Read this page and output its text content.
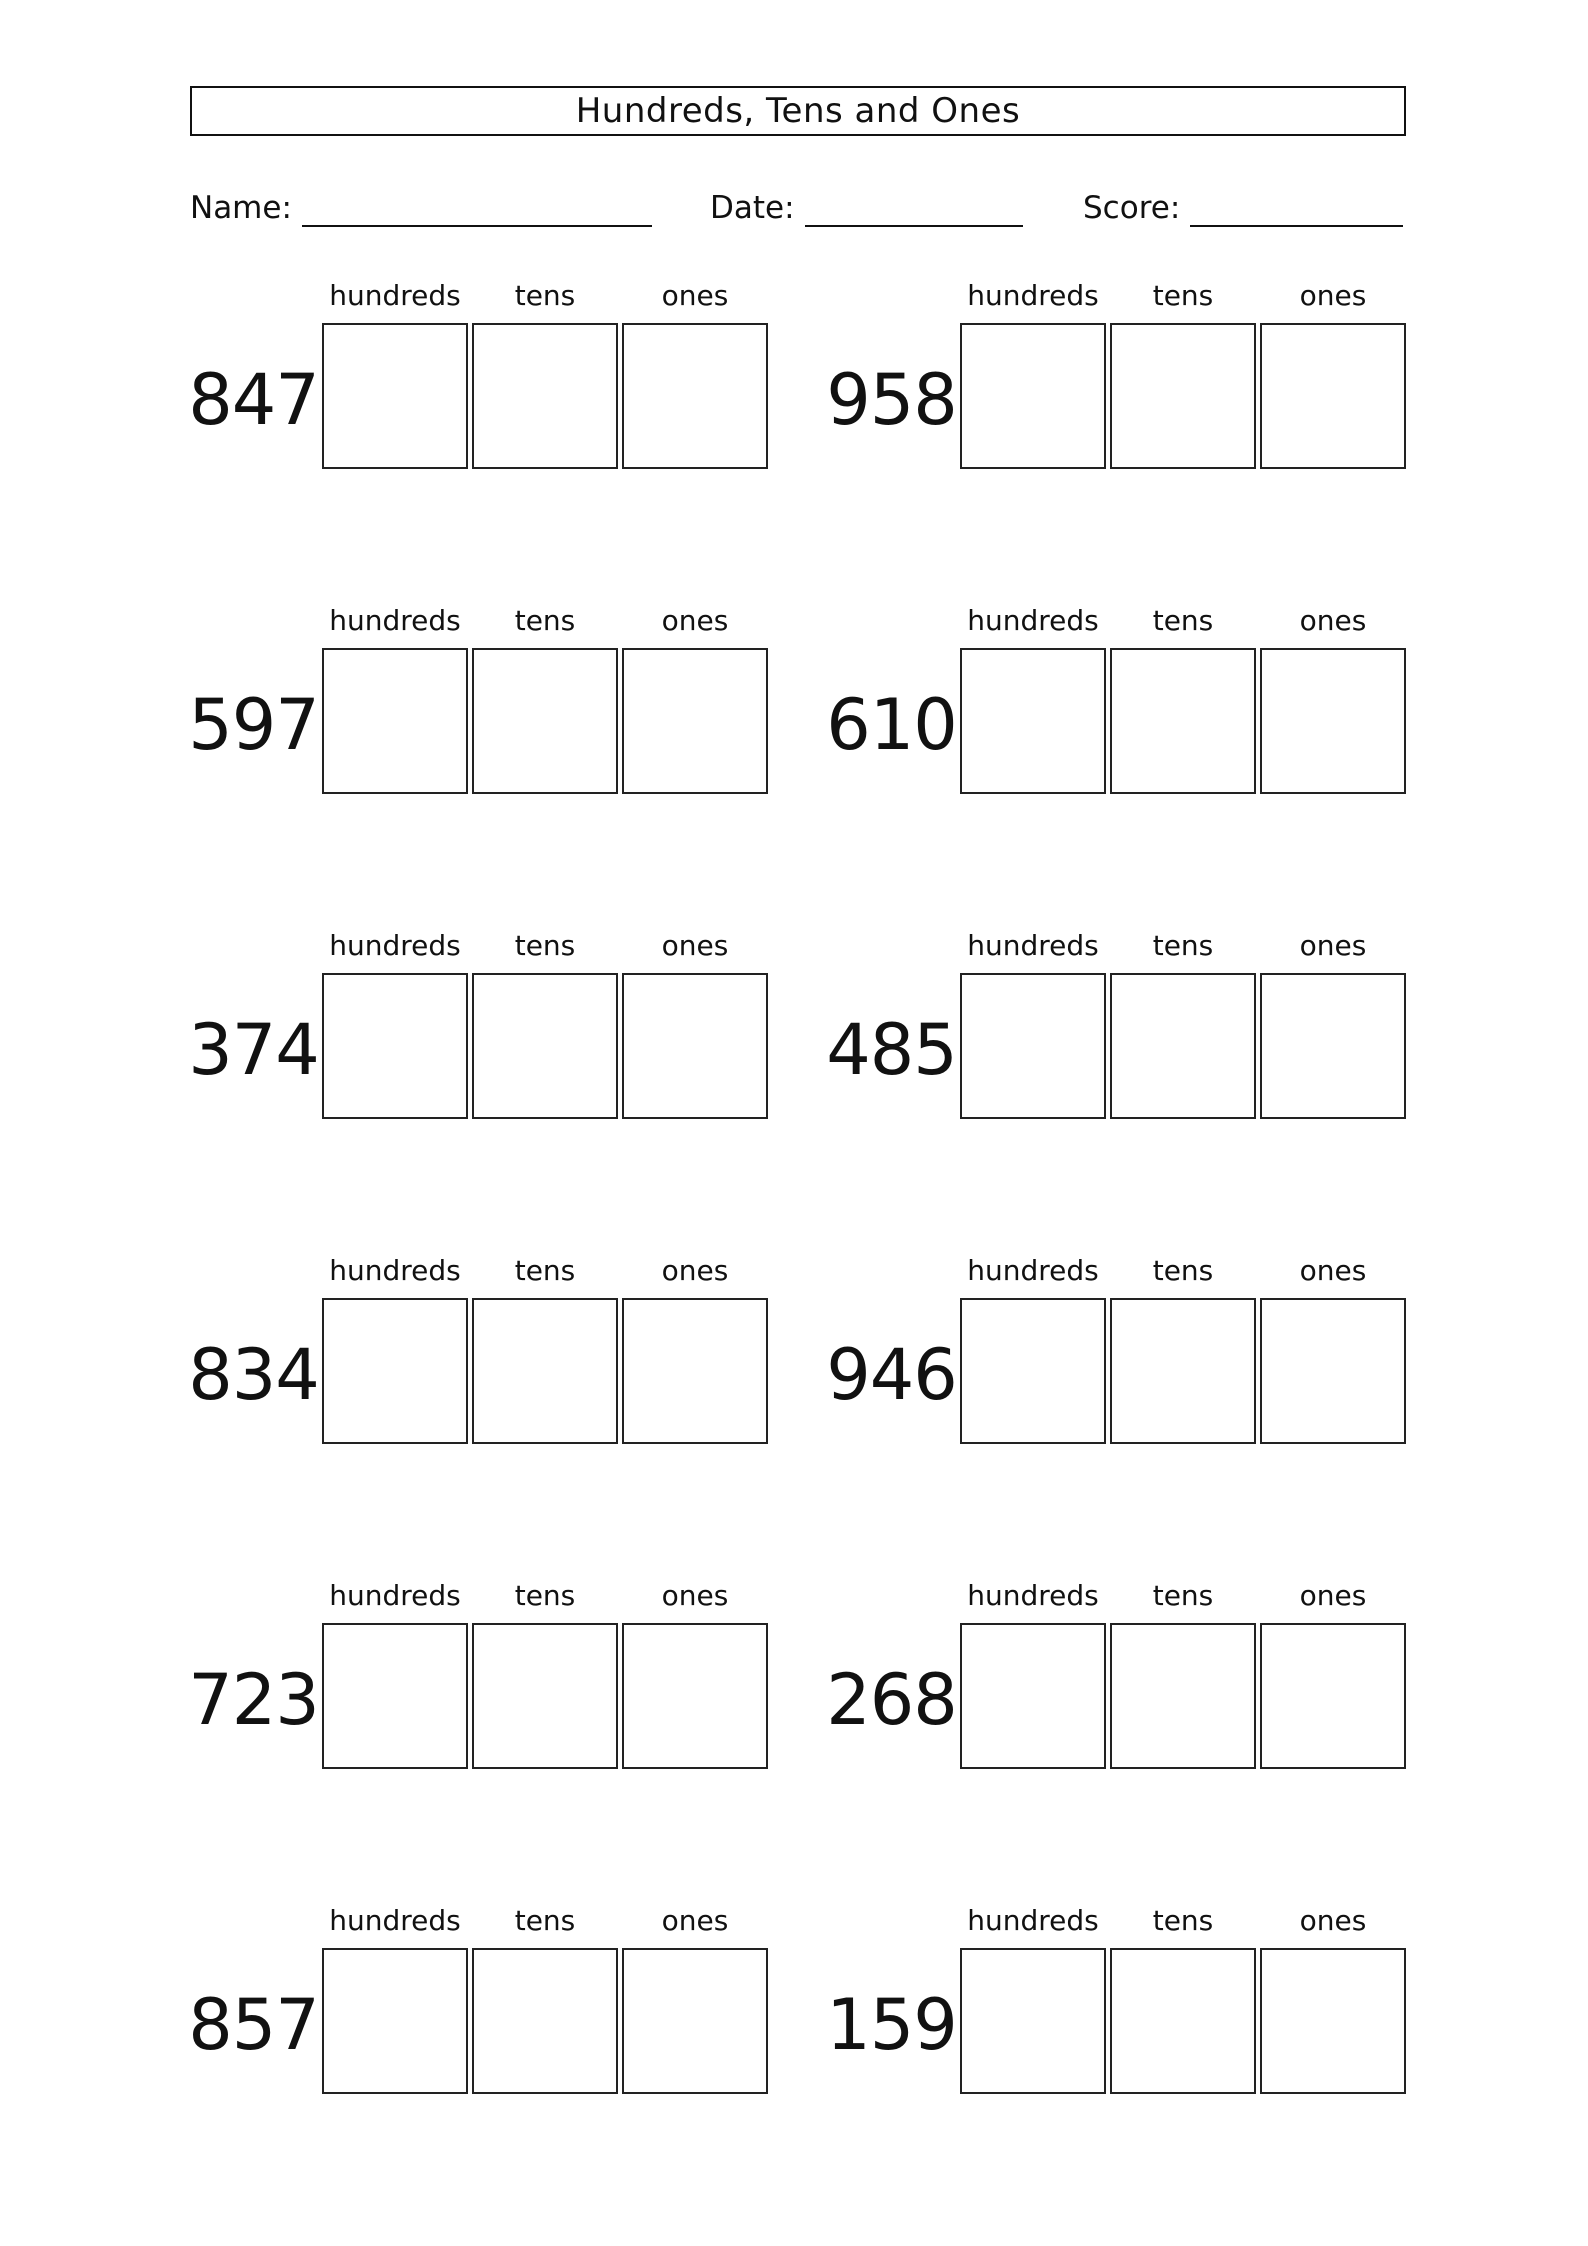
Hundreds, Tens and Ones
Name:	Date:	Score:
847
hundreds	tens	ones
958
hundreds	tens	ones
597
hundreds	tens	ones
610
hundreds	tens	ones
374
hundreds	tens	ones
485
hundreds	tens	ones
834
hundreds	tens	ones
946
hundreds	tens	ones
723
hundreds	tens	ones
268
hundreds	tens	ones
857
hundreds	tens	ones
159
hundreds	tens	ones
